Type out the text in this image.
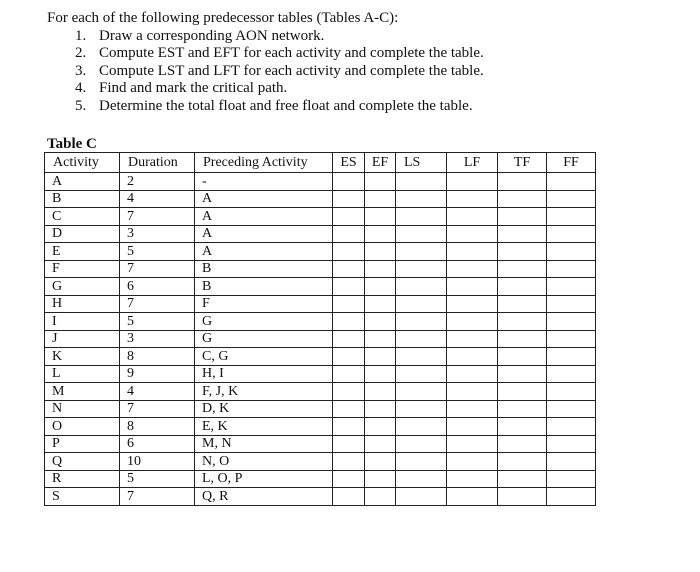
For each of the following predecessor tables (Tables A-C):
1. Draw a corresponding AON network.
2. Compute EST and EFT for each activity and complete the table.
3. Compute LST and LFT for each activity and complete the table.
4. Find and mark the critical path.
5. Determine the total float and free float and complete the table.
Table C
Activity	Duration	Preceding Activity	ES	EF	LS	LF	TF	FF
A	2	-						
B	4	A						
C	7	A						
D	3	A						
E	5	A						
F	7	B						
G	6	B						
H	7	F						
I	5	G						
J	3	G						
K	8	C, G						
L	9	H, I						
M	4	F, J, K						
N	7	D, K						
O	8	E, K						
P	6	M, N						
Q	10	N, O						
R	5	L, O, P						
S	7	Q, R						
